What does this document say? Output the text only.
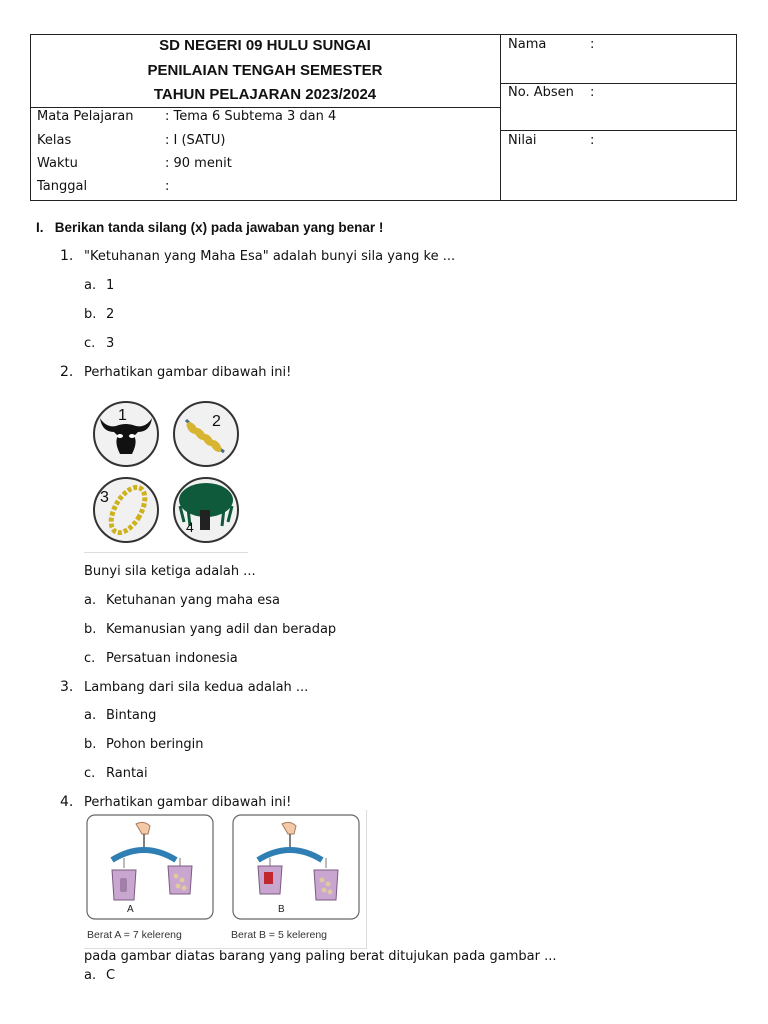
SD NEGERI 09 HULU SUNGAI
PENILAIAN TENGAH SEMESTER
TAHUN PELAJARAN 2023/2024
Mata Pelajaran : Tema 6 Subtema 3 dan 4
Kelas	: I (SATU)
Waktu	: 90 menit
Tanggal	:
Nama	:
No. Absen :
Nilai	:
I. Berikan tanda silang (x) pada jawaban yang benar !
1. "Ketuhanan yang Maha Esa" adalah bunyi sila yang ke ...
a. 1
b. 2
c. 3
2. Perhatikan gambar dibawah ini!
1	2
3
4
Bunyi sila ketiga adalah ...
a. Ketuhanan yang maha esa
b. Kemanusian yang adil dan beradap
c. Persatuan indonesia
3. Lambang dari sila kedua adalah ...
a. Bintang
b. Pohon beringin
c. Rantai
4. Perhatikan gambar dibawah ini!
A	B
Berat A = 7 kelereng	Berat B = 5 kelereng
pada gambar diatas barang yang paling berat ditujukan pada gambar ...
a. C
